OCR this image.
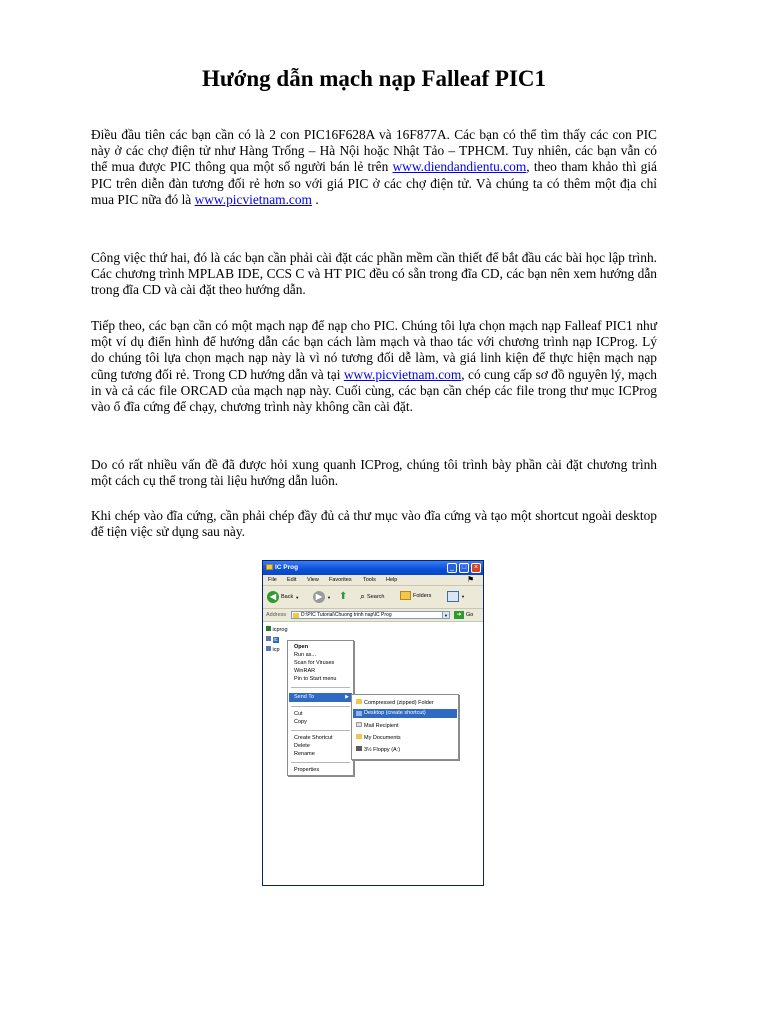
Hướng dẫn mạch nạp Falleaf PIC1

Điều đầu tiên các bạn cần có là 2 con PIC16F628A và 16F877A. Các bạn có thể tìm thấy các con PIC này ở các chợ điện tử như Hàng Trống – Hà Nội hoặc Nhật Tảo – TPHCM. Tuy nhiên, các bạn vẫn có thể mua được PIC thông qua một số người bán lẻ trên www.diendandientu.com, theo tham khảo thì giá PIC trên diễn đàn tương đối rẻ hơn so với giá PIC ở các chợ điện tử. Và chúng ta có thêm một địa chỉ mua PIC nữa đó là www.picvietnam.com .

Công việc thứ hai, đó là các bạn cần phải cài đặt các phần mềm cần thiết để bắt đầu các bài học lập trình. Các chương trình MPLAB IDE, CCS C và HT PIC đều có sẵn trong đĩa CD, các bạn nên xem hướng dẫn trong đĩa CD và cài đặt theo hướng dẫn.

Tiếp theo, các bạn cần có một mạch nạp để nạp cho PIC. Chúng tôi lựa chọn mạch nạp Falleaf PIC1 như một ví dụ điển hình để hướng dẫn các bạn cách làm mạch và thao tác với chương trình nạp ICProg. Lý do chúng tôi lựa chọn mạch nạp này là vì nó tương đối dễ làm, và giá linh kiện để thực hiện mạch nạp cũng tương đối rẻ. Trong CD hướng dẫn và tại www.picvietnam.com, có cung cấp sơ đồ nguyên lý, mạch in và cả các file ORCAD của mạch nạp này. Cuối cùng, các bạn cần chép các file trong thư mục ICProg vào ổ đĩa cứng để chạy, chương trình này không cần cài đặt.

Do có rất nhiều vấn đề đã được hỏi xung quanh ICProg, chúng tôi trình bày phần cài đặt chương trình một cách cụ thể trong tài liệu hướng dẫn luôn.

Khi chép vào đĩa cứng, cần phải chép đầy đủ cả thư mục vào đĩa cứng và tạo một shortcut ngoài desktop để tiện việc sử dụng sau này.

IC Prog	_	□	×
File Edit View Favorites Tools Help	⚑
◀ Back ▼	▶	▼ ⬆ ⌕ Search	Folders	▼
Address	D:\PIC Tutorial\Chuong trinh nap\IC Prog	▼	➜ Go
icprog
ic
icp	Open
Run as...
Scan for Viruses
WinRAR
Pin to Start menu
Send To	▶
Cut
Copy
Create Shortcut
Delete
Rename
Properties
Compressed (zipped) Folder
Desktop (create shortcut)
Mail Recipient
My Documents
3½ Floppy (A:)
